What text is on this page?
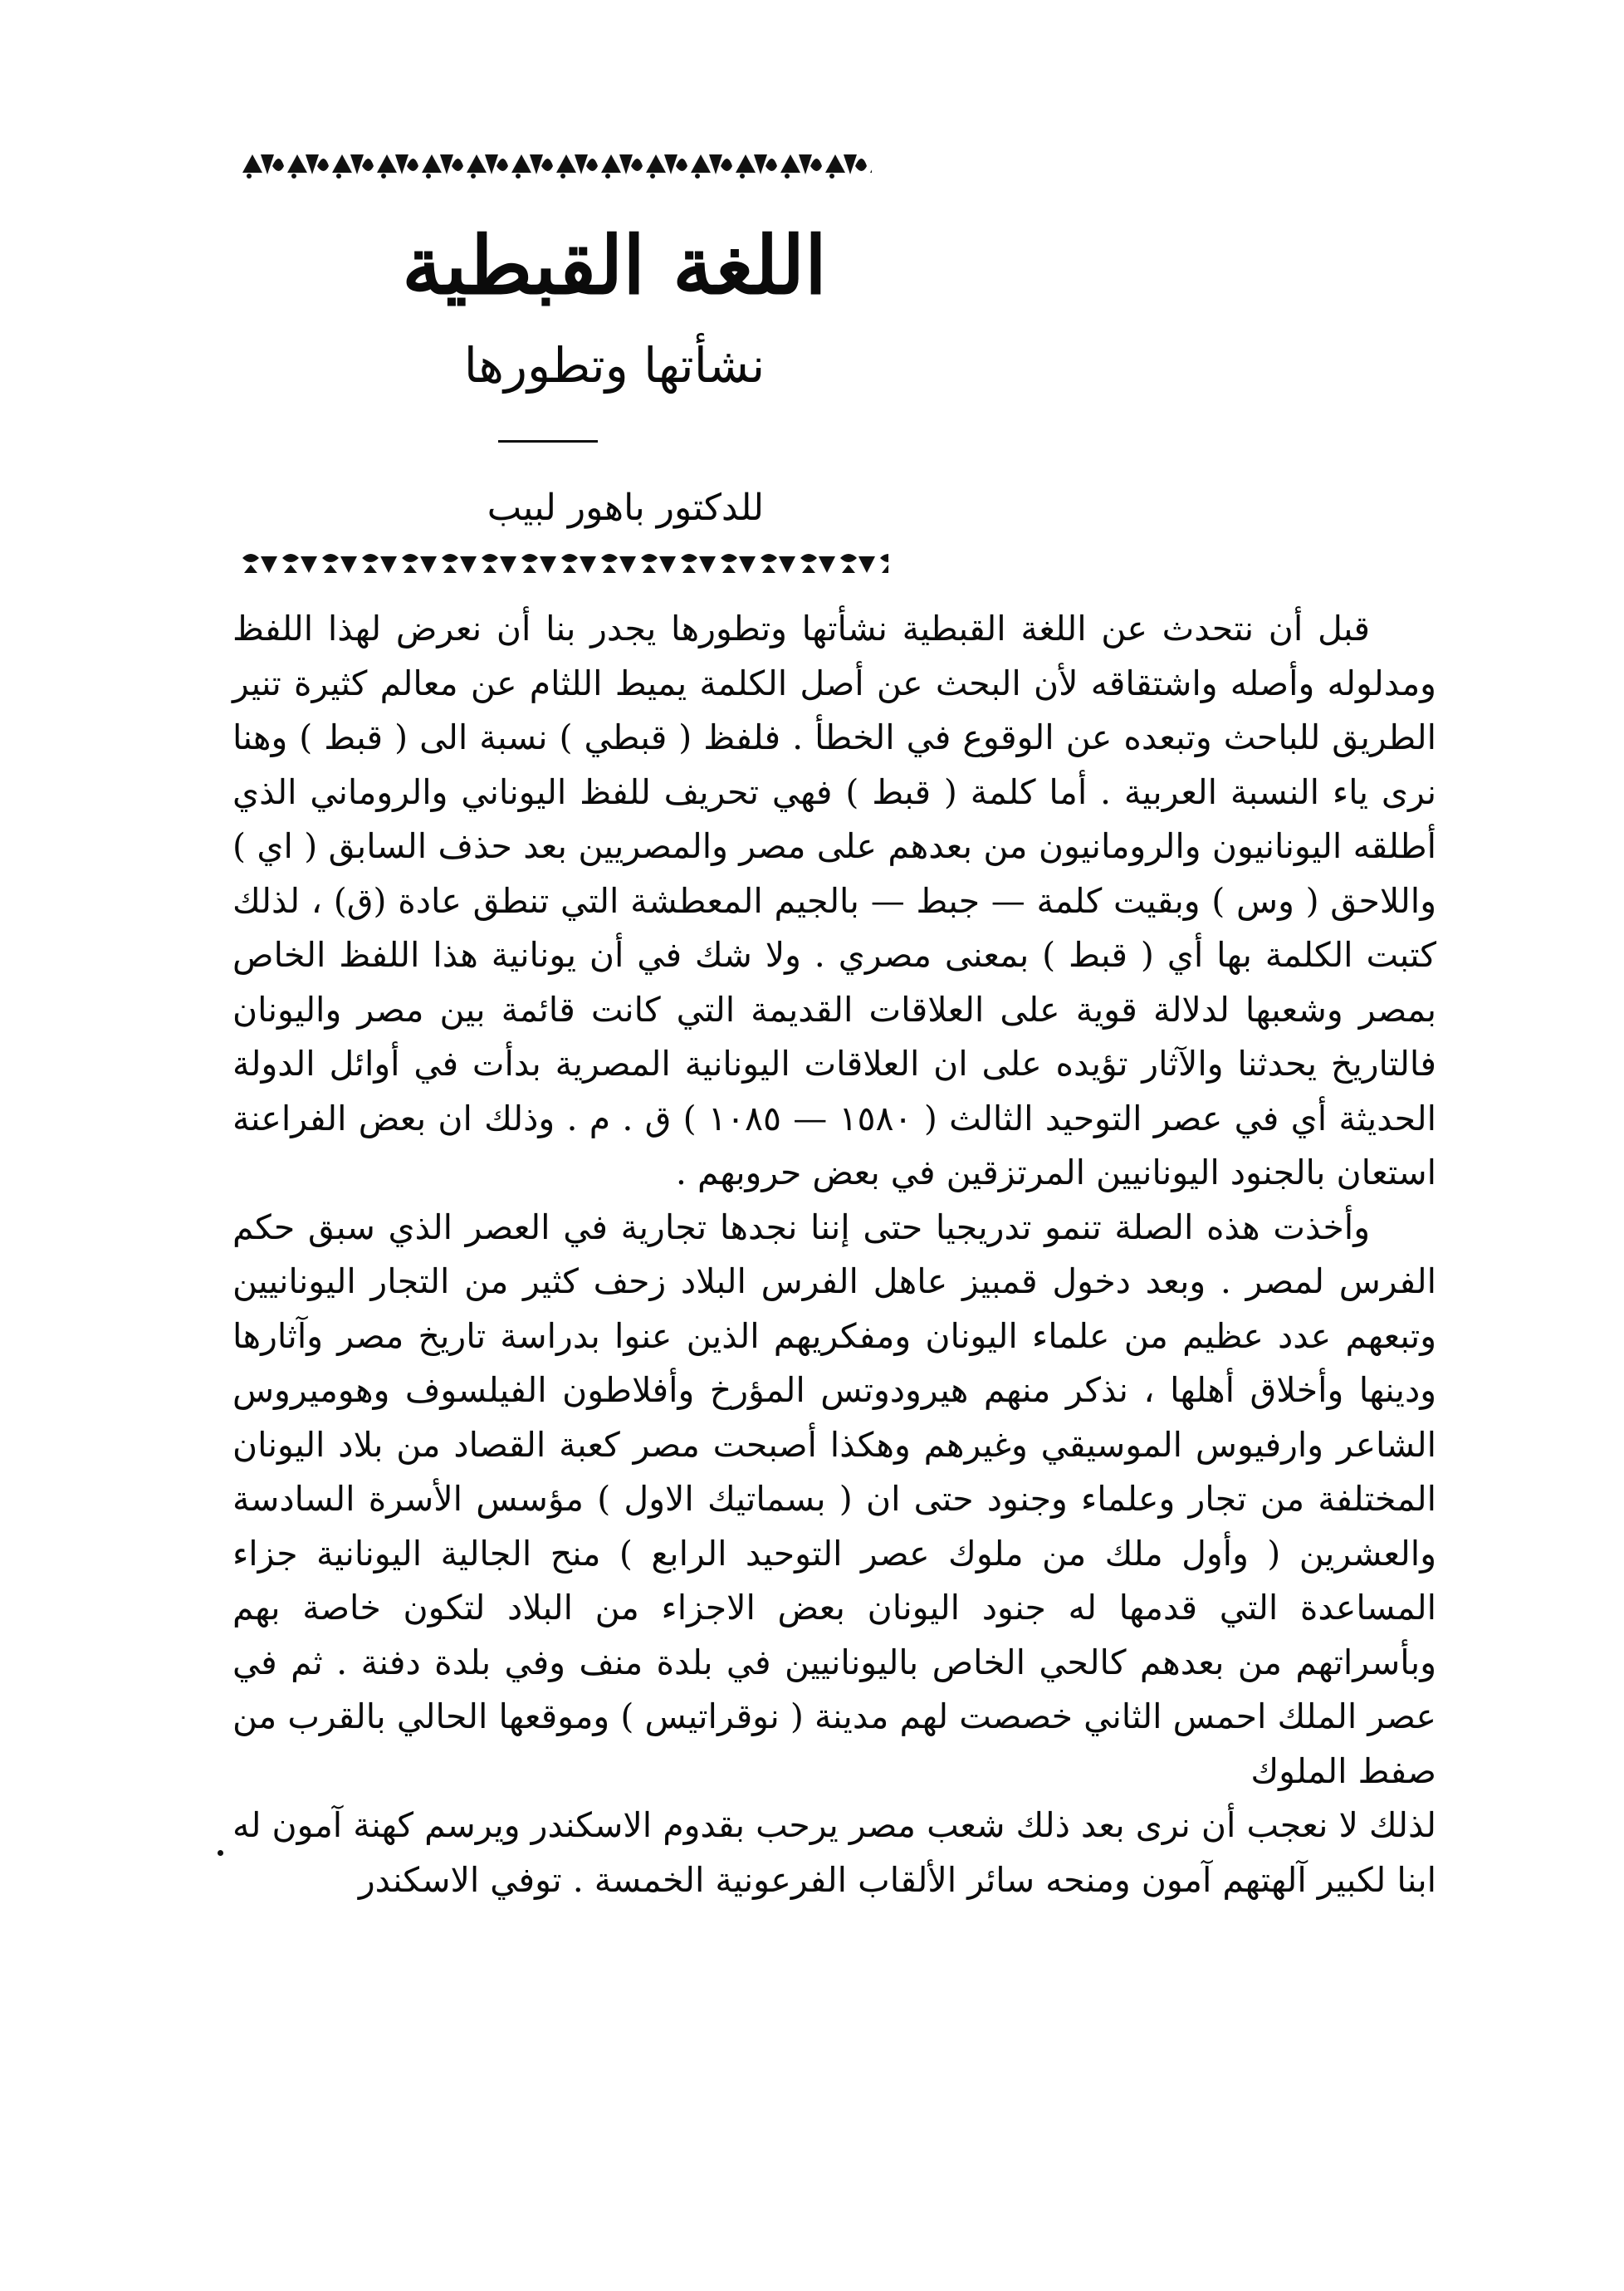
اللغة القبطية
نشأتها وتطورها
للدكتور باهور لبيب

قبل أن نتحدث عن اللغة القبطية نشأتها وتطورها يجدر بنا أن نعرض لهذا اللفظ ومدلوله وأصله واشتقاقه لأن البحث عن أصل الكلمة يميط اللثام عن معالم كثيرة تنير الطريق للباحث وتبعده عن الوقوع في الخطأ . فلفظ ( قبطي ) نسبة الى ( قبط ) وهنا نرى ياء النسبة العربية . أما كلمة ( قبط ) فهي تحريف للفظ اليوناني والروماني الذي أطلقه اليونانيون والرومانيون من بعدهم على مصر والمصريين بعد حذف السابق ( اي ) واللاحق ( وس ) وبقيت كلمة — جبط — بالجيم المعطشة التي تنطق عادة (ق) ، لذلك كتبت الكلمة بها أي ( قبط ) بمعنى مصري . ولا شك في أن يونانية هذا اللفظ الخاص بمصر وشعبها لدلالة قوية على العلاقات القديمة التي كانت قائمة بين مصر واليونان فالتاريخ يحدثنا والآثار تؤيده على ان العلاقات اليونانية المصرية بدأت في أوائل الدولة الحديثة أي في عصر التوحيد الثالث ( ١٥٨٠ — ١٠٨٥ ) ق . م . وذلك ان بعض الفراعنة استعان بالجنود اليونانيين المرتزقين في بعض حروبهم .

وأخذت هذه الصلة تنمو تدريجيا حتى إننا نجدها تجارية في العصر الذي سبق حكم الفرس لمصر . وبعد دخول قمبيز عاهل الفرس البلاد زحف كثير من التجار اليونانيين وتبعهم عدد عظيم من علماء اليونان ومفكريهم الذين عنوا بدراسة تاريخ مصر وآثارها ودينها وأخلاق أهلها ، نذكر منهم هيرودوتس المؤرخ وأفلاطون الفيلسوف وهوميروس الشاعر وارفيوس الموسيقي وغيرهم وهكذا أصبحت مصر كعبة القصاد من بلاد اليونان المختلفة من تجار وعلماء وجنود حتى ان ( بسماتيك الاول ) مؤسس الأسرة السادسة والعشرين ( وأول ملك من ملوك عصر التوحيد الرابع ) منح الجالية اليونانية جزاء المساعدة التي قدمها له جنود اليونان بعض الاجزاء من البلاد لتكون خاصة بهم وبأسراتهم من بعدهم كالحي الخاص باليونانيين في بلدة منف وفي بلدة دفنة . ثم في عصر الملك احمس الثاني خصصت لهم مدينة ( نوقراتيس ) وموقعها الحالي بالقرب من صفط الملوك

لذلك لا نعجب أن نرى بعد ذلك شعب مصر يرحب بقدوم الاسكندر ويرسم كهنة آمون له ابنا لكبير آلهتهم آمون ومنحه سائر الألقاب الفرعونية الخمسة . توفي الاسكندر
